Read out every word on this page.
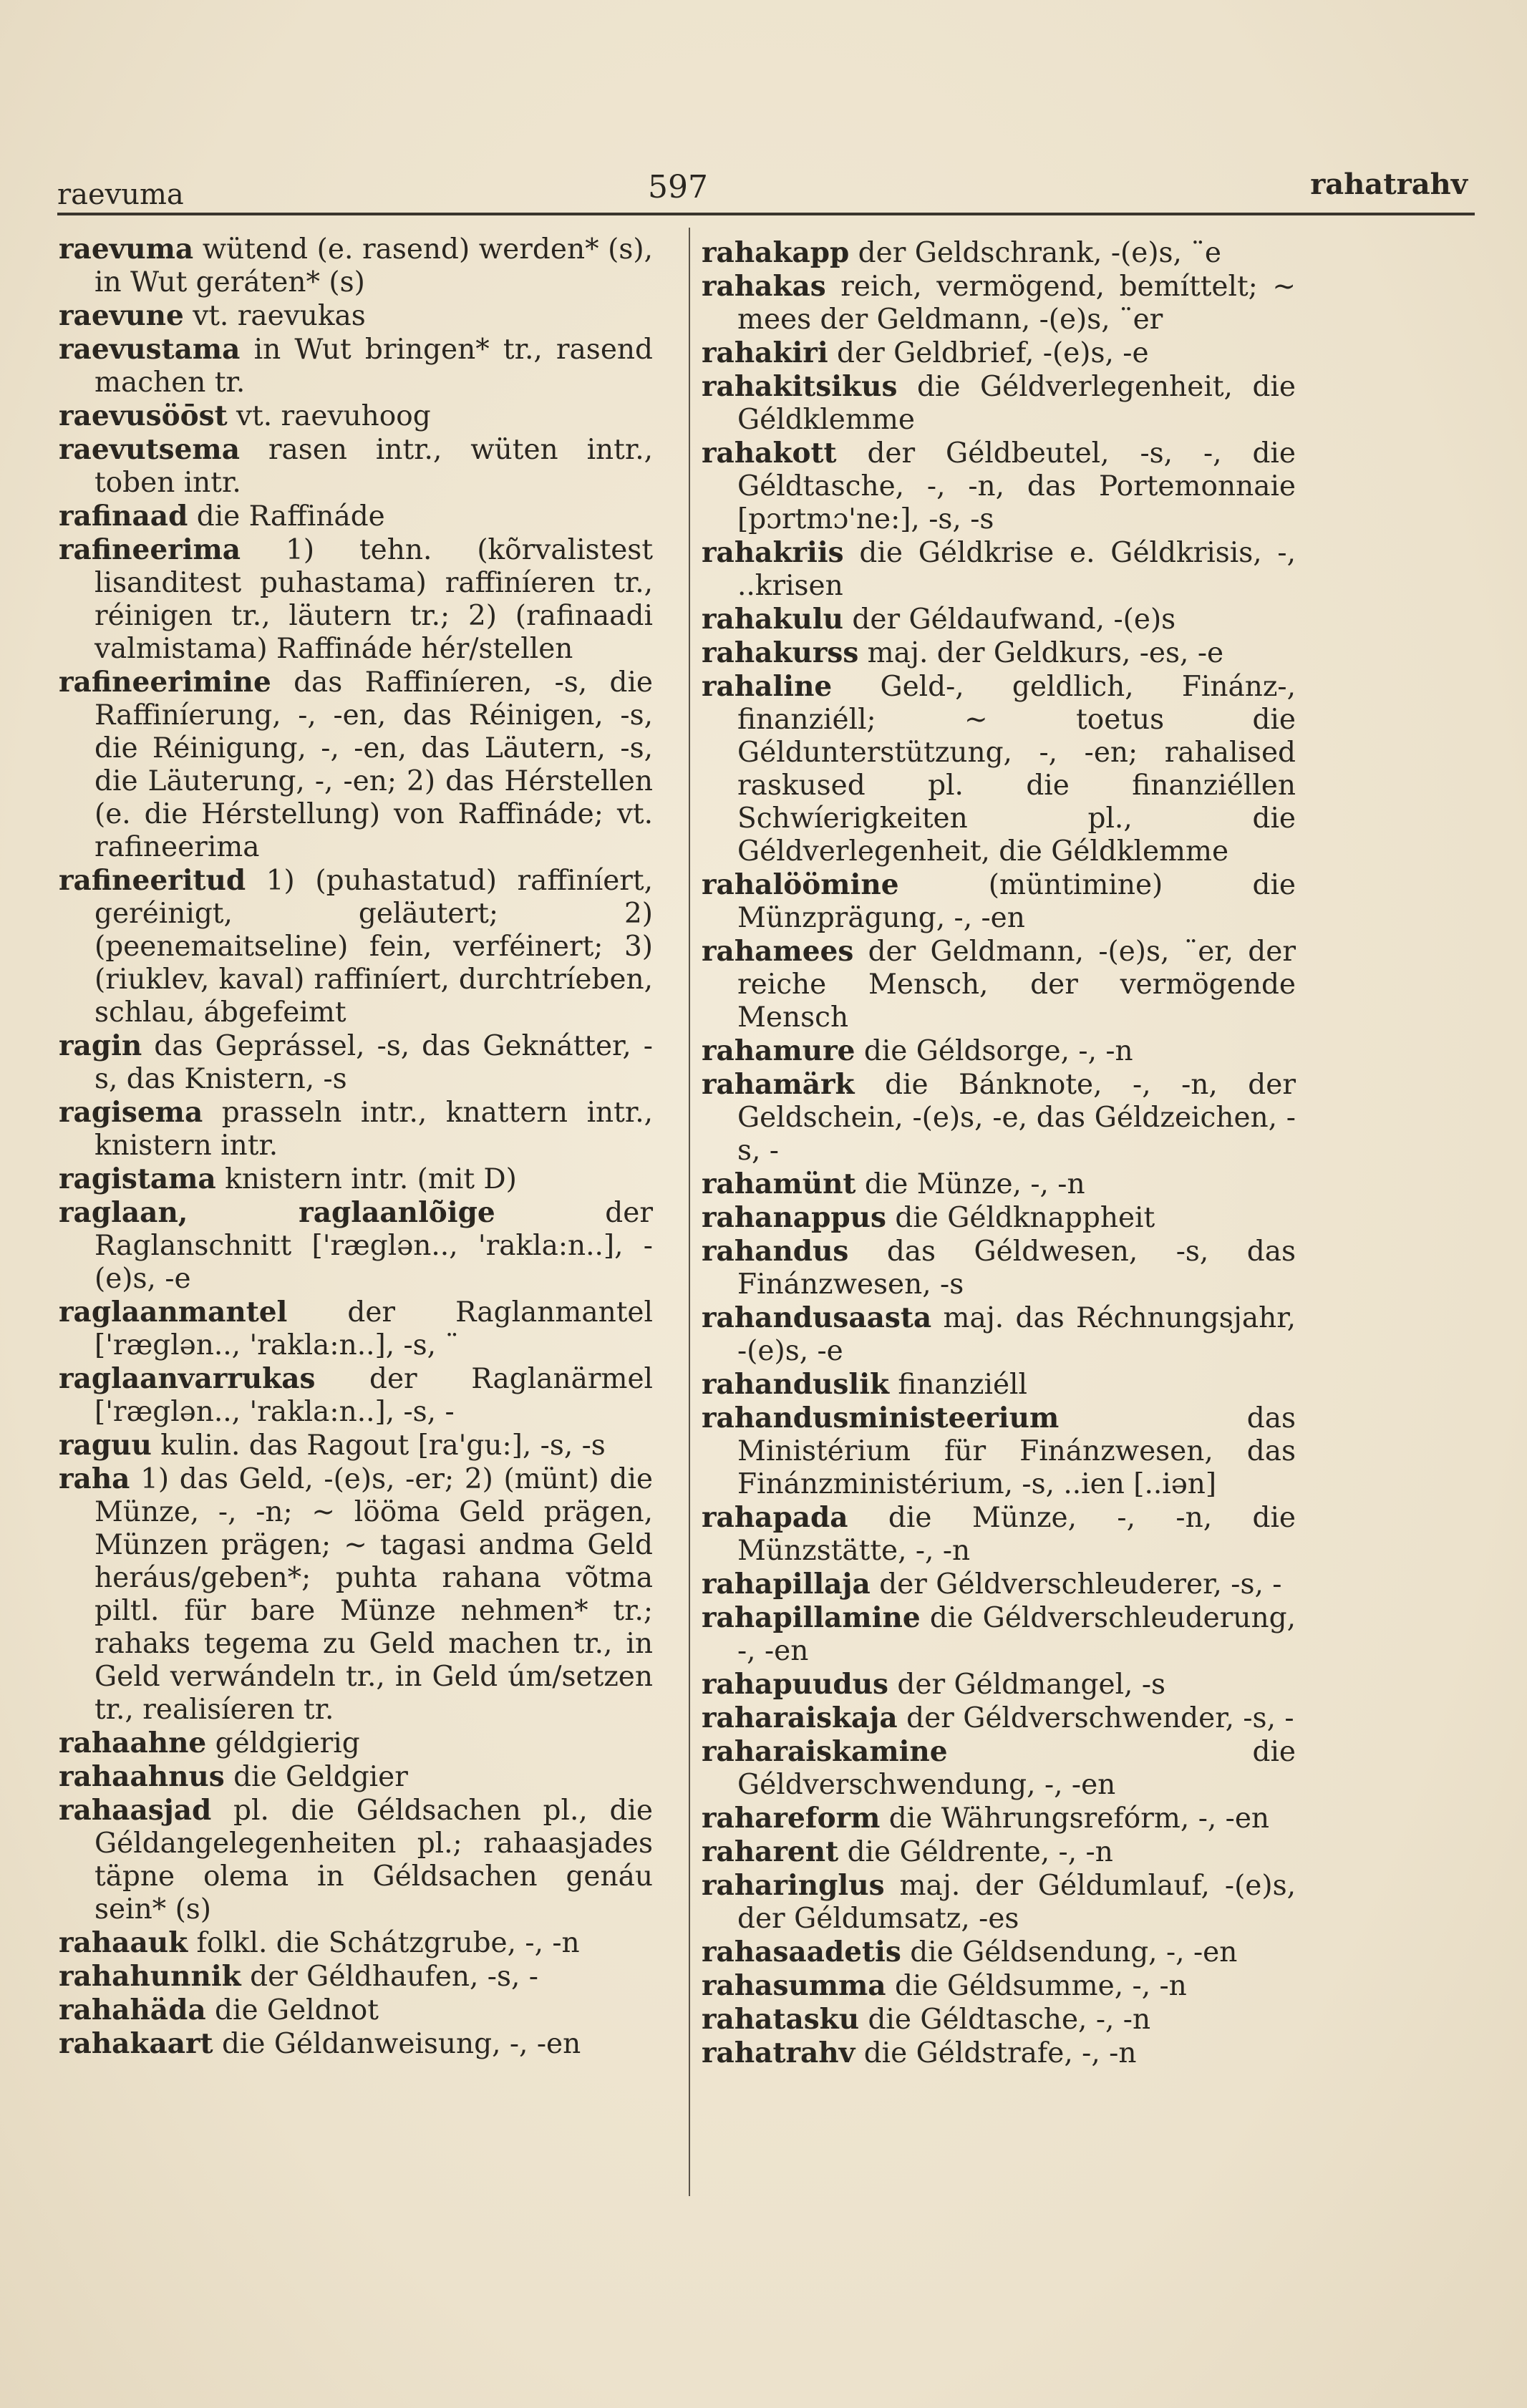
raevuma	597	rahatrahv

raevuma wütend (e. rasend) werden* (s), in Wut geráten* (s)

raevune vt. raevukas

raevustama in Wut bringen* tr., rasend machen tr.

raevusöōst vt. raevuhoog

raevutsema rasen intr., wüten intr., toben intr.

rafinaad die Raffináde

rafineerima 1) tehn. (kõrvalistest lisanditest puhastama) raffiníeren tr., réinigen tr., läutern tr.; 2) (rafinaadi valmistama) Raffináde hér/stellen

rafineerimine das Raffiníeren, -s, die Raffiníerung, -, -en, das Réinigen, -s, die Réinigung, -, -en, das Läutern, -s, die Läuterung, -, -en; 2) das Hérstellen (e. die Hérstellung) von Raffináde; vt. rafineerima

rafineeritud 1) (puhastatud) raffiníert, geréinigt, geläutert; 2) (peenemaitseline) fein, verféinert; 3) (riuklev, kaval) raffiníert, durchtríeben, schlau, ábgefeimt

ragin das Geprássel, -s, das Geknátter, -s, das Knistern, -s

ragisema prasseln intr., knattern intr., knistern intr.

ragistama knistern intr. (mit D)

raglaan, raglaanlõige der Raglanschnitt ['ræglən.., 'rakla:n..], -(e)s, -e

raglaanmantel der Raglanmantel ['ræglən.., 'rakla:n..], -s, ¨

raglaanvarrukas der Raglanärmel ['ræglən.., 'rakla:n..], -s, -

raguu kulin. das Ragout [ra'gu:], -s, -s

raha 1) das Geld, -(e)s, -er; 2) (münt) die Münze, -, -n; ~ lööma Geld prägen, Münzen prägen; ~ tagasi andma Geld heráus/geben*; puhta rahana võtma piltl. für bare Münze nehmen* tr.; rahaks tegema zu Geld machen tr., in Geld verwándeln tr., in Geld úm/setzen tr., realisíeren tr.

rahaahne géldgierig

rahaahnus die Geldgier

rahaasjad pl. die Géldsachen pl., die Géldangelegenheiten pl.; rahaasjades täpne olema in Géldsachen genáu sein* (s)

rahaauk folkl. die Schátzgrube, -, -n

rahahunnik der Géldhaufen, -s, -

rahahäda die Geldnot

rahakaart die Géldanweisung, -, -en

rahakapp der Geldschrank, -(e)s, ¨e

rahakas reich, vermögend, bemíttelt; ~ mees der Geldmann, -(e)s, ¨er

rahakiri der Geldbrief, -(e)s, -e

rahakitsikus die Géldverlegenheit, die Géldklemme

rahakott der Géldbeutel, -s, -, die Géldtasche, -, -n, das Portemonnaie [pɔrtmɔ'ne:], -s, -s

rahakriis die Géldkrise e. Géldkrisis, -, ..krisen

rahakulu der Géldaufwand, -(e)s

rahakurss maj. der Geldkurs, -es, -e

rahaline Geld-, geldlich, Finánz-, finanziéll; ~ toetus die Géldunterstützung, -, -en; rahalised raskused pl. die finanziéllen Schwíerigkeiten pl., die Géldverlegenheit, die Géldklemme

rahalöömine (müntimine) die Münzprägung, -, -en

rahamees der Geldmann, -(e)s, ¨er, der reiche Mensch, der vermögende Mensch

rahamure die Géldsorge, -, -n

rahamärk die Bánknote, -, -n, der Geldschein, -(e)s, -e, das Géldzeichen, -s, -

rahamünt die Münze, -, -n

rahanappus die Géldknappheit

rahandus das Géldwesen, -s, das Finánzwesen, -s

rahandusaasta maj. das Réchnungsjahr, -(e)s, -e

rahanduslik finanziéll

rahandusministeerium das Ministérium für Finánzwesen, das Finánzministérium, -s, ..ien [..iən]

rahapada die Münze, -, -n, die Münzstätte, -, -n

rahapillaja der Géldverschleuderer, -s, -

rahapillamine die Géldverschleuderung, -, -en

rahapuudus der Géldmangel, -s

raharaiskaja der Géldverschwender, -s, -

raharaiskamine die Géldverschwendung, -, -en

rahareform die Währungsrefórm, -, -en

raharent die Géldrente, -, -n

raharinglus maj. der Géldumlauf, -(e)s, der Géldumsatz, -es

rahasaadetis die Géldsendung, -, -en

rahasumma die Géldsumme, -, -n

rahatasku die Géldtasche, -, -n

rahatrahv die Géldstrafe, -, -n
